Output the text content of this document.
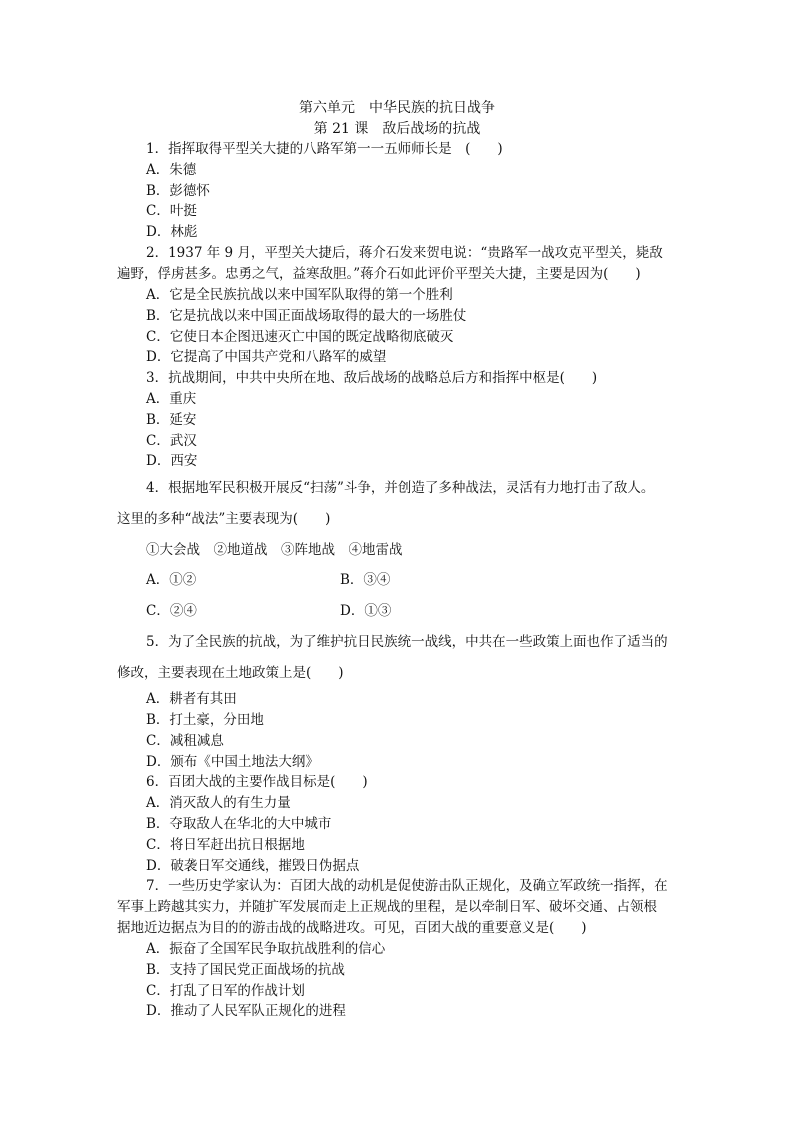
第六单元　中华民族的抗日战争
第 21 课　敌后战场的抗战
1．指挥取得平型关大捷的八路军第一一五师师长是　(　　)
A．朱德
B．彭德怀
C．叶挺
D．林彪
2．1937 年 9 月，平型关大捷后，蒋介石发来贺电说：“贵路军一战攻克平型关，毙敌
遍野，俘虏甚多。忠勇之气，益寒敌胆。”蒋介石如此评价平型关大捷，主要是因为(　　)
A．它是全民族抗战以来中国军队取得的第一个胜利
B．它是抗战以来中国正面战场取得的最大的一场胜仗
C．它使日本企图迅速灭亡中国的既定战略彻底破灭
D．它提高了中国共产党和八路军的威望
3．抗战期间，中共中央所在地、敌后战场的战略总后方和指挥中枢是(　　)
A．重庆
B．延安
C．武汉
D．西安
4．根据地军民积极开展反“扫荡”斗争，并创造了多种战法，灵活有力地打击了敌人。
这里的多种“战法”主要表现为(　　)
①大会战　②地道战　③阵地战　④地雷战
A．①②	B．③④
C．②④	D．①③
5．为了全民族的抗战，为了维护抗日民族统一战线，中共在一些政策上面也作了适当的
修改，主要表现在土地政策上是(　　)
A．耕者有其田
B．打土豪，分田地
C．减租减息
D．颁布《中国土地法大纲》
6．百团大战的主要作战目标是(　　)
A．消灭敌人的有生力量
B．夺取敌人在华北的大中城市
C．将日军赶出抗日根据地
D．破袭日军交通线，摧毁日伪据点
7．一些历史学家认为：百团大战的动机是促使游击队正规化，及确立军政统一指挥，在
军事上跨越其实力，并随扩军发展而走上正规战的里程，是以牵制日军、破坏交通、占领根
据地近边据点为目的的游击战的战略进攻。可见，百团大战的重要意义是(　　)
A．振奋了全国军民争取抗战胜利的信心
B．支持了国民党正面战场的抗战
C．打乱了日军的作战计划
D．推动了人民军队正规化的进程
